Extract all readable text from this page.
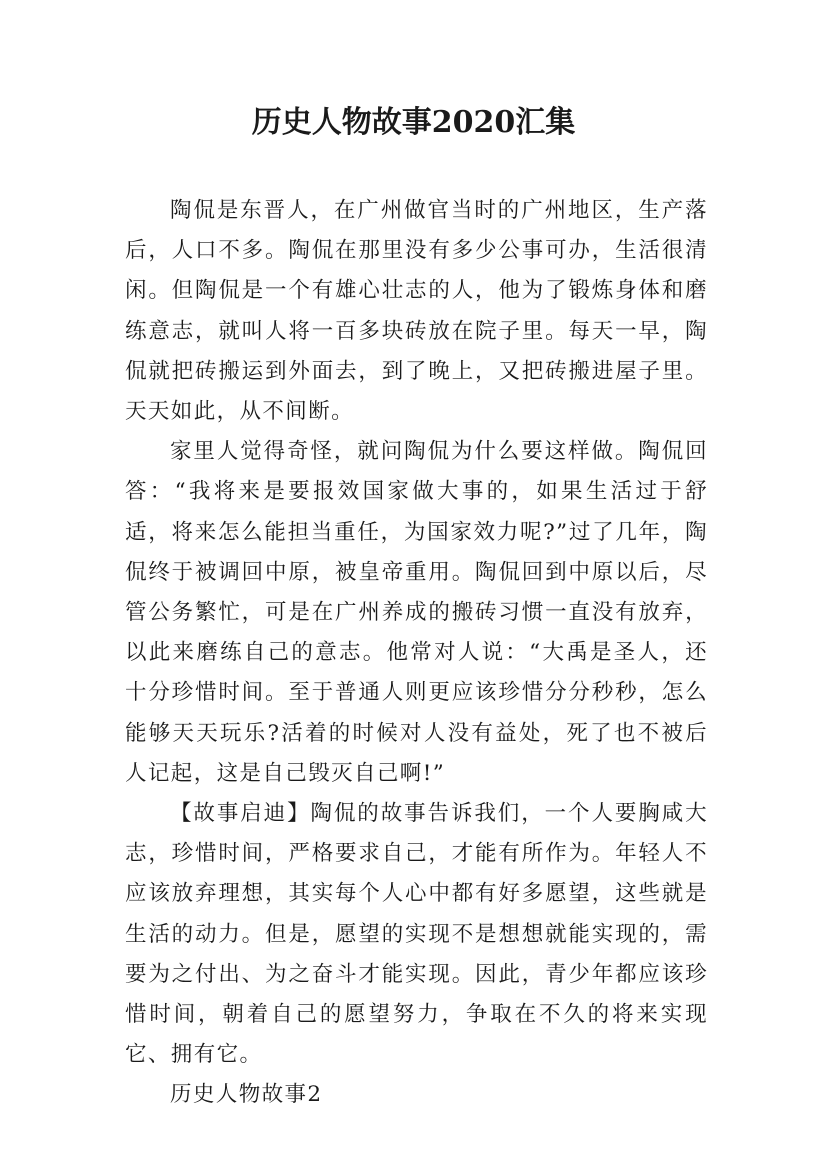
历史人物故事2020汇集

陶侃是东晋人，在广州做官当时的广州地区，生产落后，人口不多。陶侃在那里没有多少公事可办，生活很清闲。但陶侃是一个有雄心壮志的人，他为了锻炼身体和磨练意志，就叫人将一百多块砖放在院子里。每天一早，陶侃就把砖搬运到外面去，到了晚上，又把砖搬进屋子里。天天如此，从不间断。

家里人觉得奇怪，就问陶侃为什么要这样做。陶侃回答：“我将来是要报效国家做大事的，如果生活过于舒适，将来怎么能担当重任，为国家效力呢?”过了几年，陶侃终于被调回中原，被皇帝重用。陶侃回到中原以后，尽管公务繁忙，可是在广州养成的搬砖习惯一直没有放弃，以此来磨练自己的意志。他常对人说：“大禹是圣人，还十分珍惜时间。至于普通人则更应该珍惜分分秒秒，怎么能够天天玩乐?活着的时候对人没有益处，死了也不被后人记起，这是自己毁灭自己啊!”

【故事启迪】陶侃的故事告诉我们，一个人要胸咸大志，珍惜时间，严格要求自己，才能有所作为。年轻人不应该放弃理想，其实每个人心中都有好多愿望，这些就是生活的动力。但是，愿望的实现不是想想就能实现的，需要为之付出、为之奋斗才能实现。因此，青少年都应该珍惜时间，朝着自己的愿望努力，争取在不久的将来实现它、拥有它。

历史人物故事2
